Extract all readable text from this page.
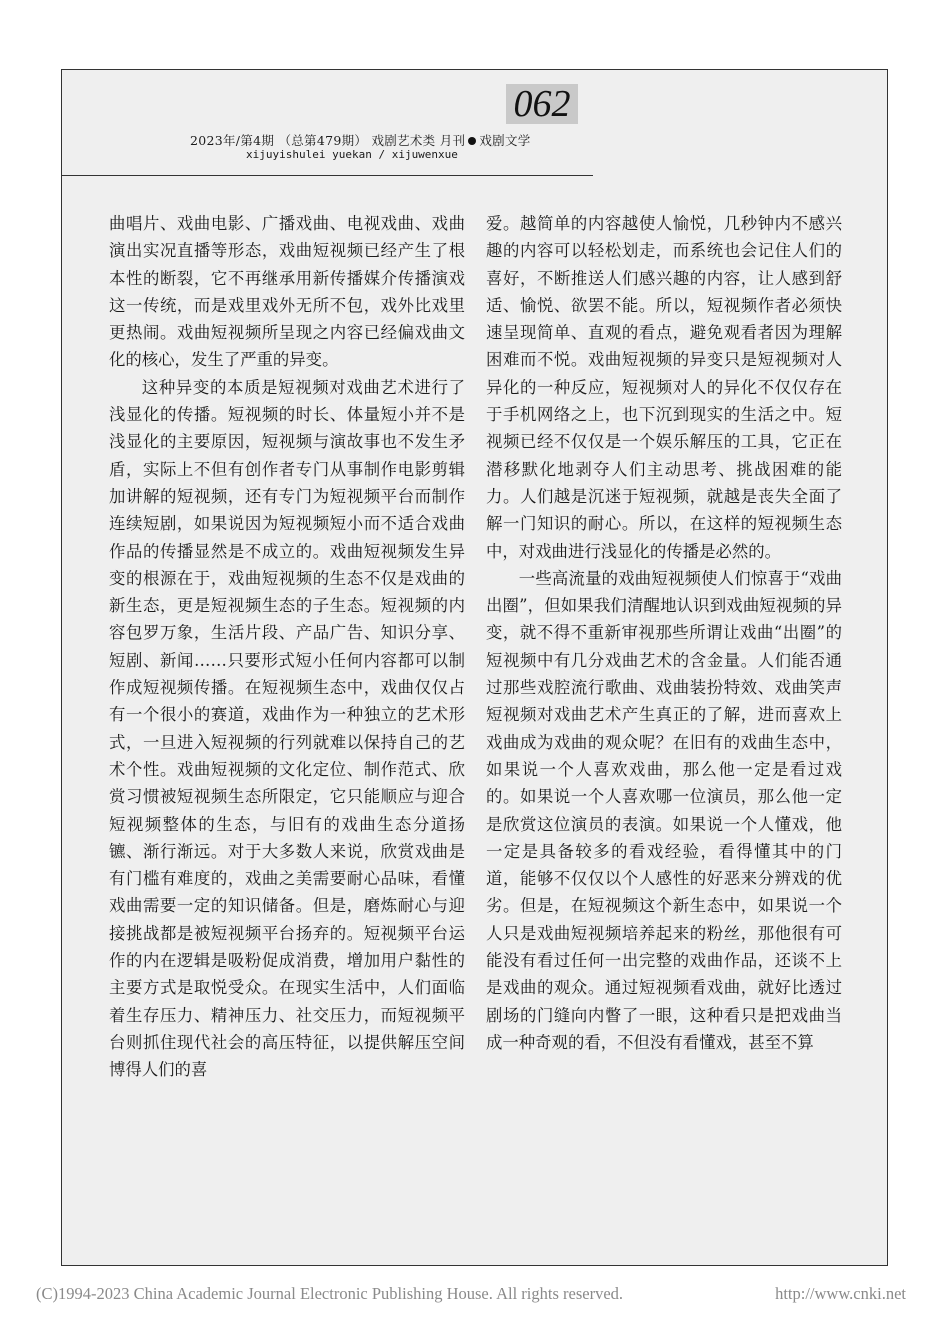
062
2023年/第4期 （总第479期） 戏剧艺术类 月刊 戏剧文学
xijuyishulei yuekan / xijuwenxue

曲唱片、戏曲电影、广播戏曲、电视戏曲、戏曲演出实况直播等形态，戏曲短视频已经产生了根本性的断裂，它不再继承用新传播媒介传播演戏这一传统，而是戏里戏外无所不包，戏外比戏里更热闹。戏曲短视频所呈现之内容已经偏戏曲文化的核心，发生了严重的异变。

这种异变的本质是短视频对戏曲艺术进行了浅显化的传播。短视频的时长、体量短小并不是浅显化的主要原因，短视频与演故事也不发生矛盾，实际上不但有创作者专门从事制作电影剪辑加讲解的短视频，还有专门为短视频平台而制作连续短剧，如果说因为短视频短小而不适合戏曲作品的传播显然是不成立的。戏曲短视频发生异变的根源在于，戏曲短视频的生态不仅是戏曲的新生态，更是短视频生态的子生态。短视频的内容包罗万象，生活片段、产品广告、知识分享、短剧、新闻……只要形式短小任何内容都可以制作成短视频传播。在短视频生态中，戏曲仅仅占有一个很小的赛道，戏曲作为一种独立的艺术形式，一旦进入短视频的行列就难以保持自己的艺术个性。戏曲短视频的文化定位、制作范式、欣赏习惯被短视频生态所限定，它只能顺应与迎合短视频整体的生态，与旧有的戏曲生态分道扬镳、渐行渐远。对于大多数人来说，欣赏戏曲是有门槛有难度的，戏曲之美需要耐心品味，看懂戏曲需要一定的知识储备。但是，磨炼耐心与迎接挑战都是被短视频平台扬弃的。短视频平台运作的内在逻辑是吸粉促成消费，增加用户黏性的主要方式是取悦受众。在现实生活中，人们面临着生存压力、精神压力、社交压力，而短视频平台则抓住现代社会的高压特征，以提供解压空间博得人们的喜

爱。越简单的内容越使人愉悦，几秒钟内不感兴趣的内容可以轻松划走，而系统也会记住人们的喜好，不断推送人们感兴趣的内容，让人感到舒适、愉悦、欲罢不能。所以，短视频作者必须快速呈现简单、直观的看点，避免观看者因为理解困难而不悦。戏曲短视频的异变只是短视频对人异化的一种反应，短视频对人的异化不仅仅存在于手机网络之上，也下沉到现实的生活之中。短视频已经不仅仅是一个娱乐解压的工具，它正在潜移默化地剥夺人们主动思考、挑战困难的能力。人们越是沉迷于短视频，就越是丧失全面了解一门知识的耐心。所以，在这样的短视频生态中，对戏曲进行浅显化的传播是必然的。

一些高流量的戏曲短视频使人们惊喜于“戏曲出圈”，但如果我们清醒地认识到戏曲短视频的异变，就不得不重新审视那些所谓让戏曲“出圈”的短视频中有几分戏曲艺术的含金量。人们能否通过那些戏腔流行歌曲、戏曲装扮特效、戏曲笑声短视频对戏曲艺术产生真正的了解，进而喜欢上戏曲成为戏曲的观众呢？在旧有的戏曲生态中，如果说一个人喜欢戏曲，那么他一定是看过戏的。如果说一个人喜欢哪一位演员，那么他一定是欣赏这位演员的表演。如果说一个人懂戏，他一定是具备较多的看戏经验，看得懂其中的门道，能够不仅仅以个人感性的好恶来分辨戏的优劣。但是，在短视频这个新生态中，如果说一个人只是戏曲短视频培养起来的粉丝，那他很有可能没有看过任何一出完整的戏曲作品，还谈不上是戏曲的观众。通过短视频看戏曲，就好比透过剧场的门缝向内瞥了一眼，这种看只是把戏曲当成一种奇观的看，不但没有看懂戏，甚至不算

(C)1994-2023 China Academic Journal Electronic Publishing House. All rights reserved.	http://www.cnki.net
